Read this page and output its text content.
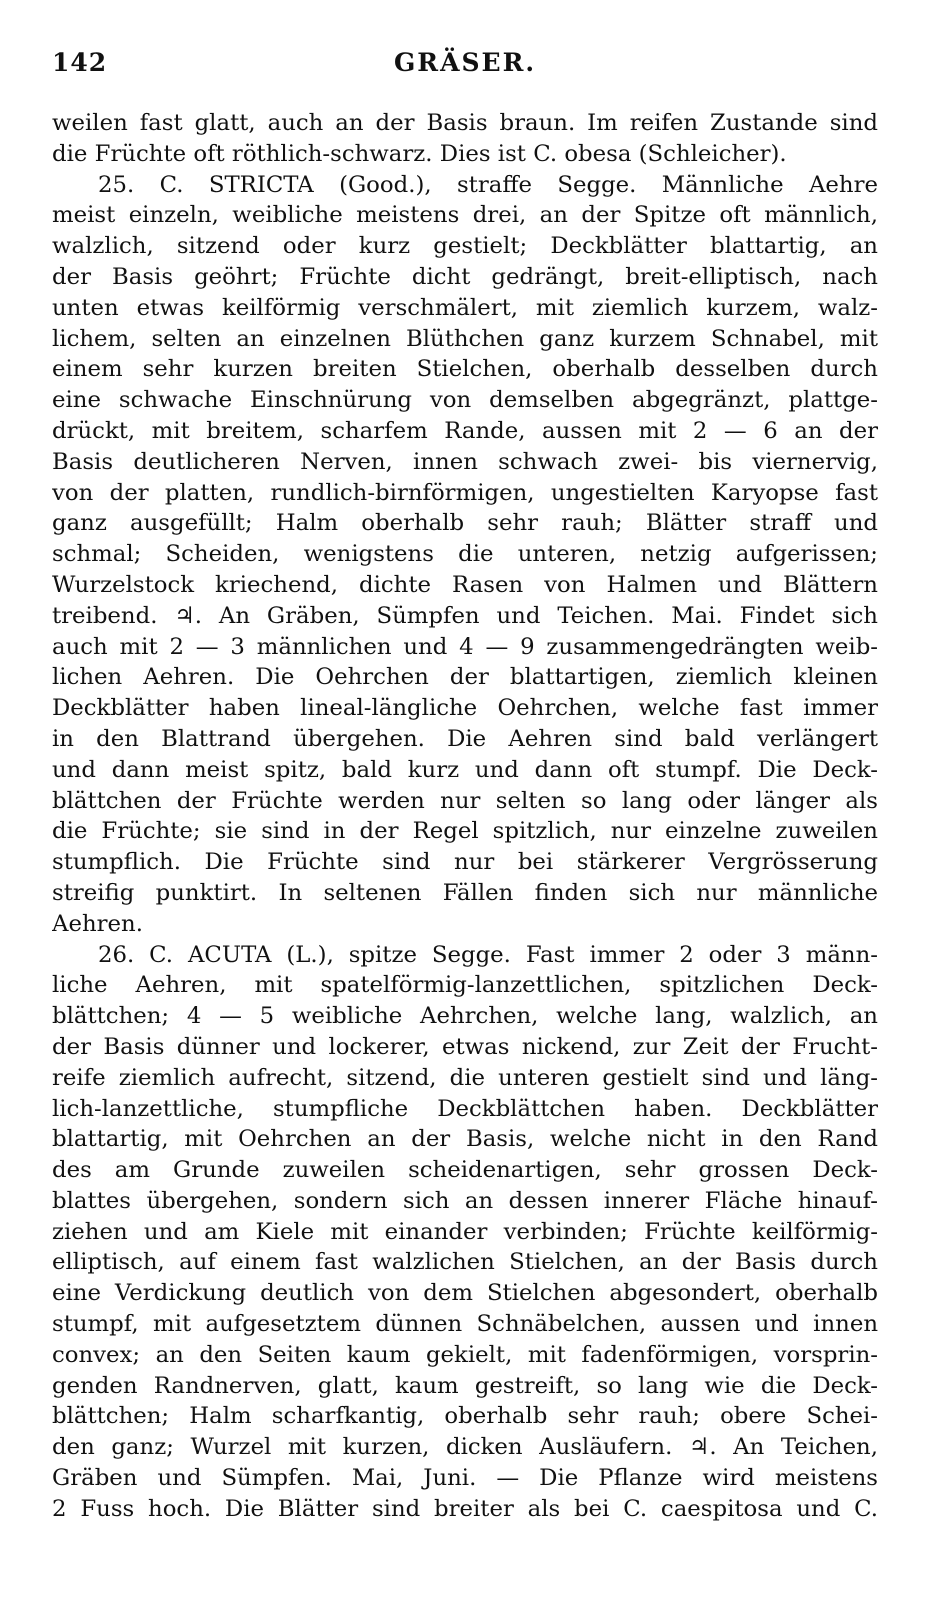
142	GRÄSER.
weilen fast glatt, auch an der Basis braun. Im reifen Zustande sind
die Früchte oft röthlich-schwarz. Dies ist C. obesa (Schleicher).
25. C. STRICTA (Good.), straffe Segge. Männliche Aehre
meist einzeln, weibliche meistens drei, an der Spitze oft männlich,
walzlich, sitzend oder kurz gestielt; Deckblätter blattartig, an
der Basis geöhrt; Früchte dicht gedrängt, breit-elliptisch, nach
unten etwas keilförmig verschmälert, mit ziemlich kurzem, walz-
lichem, selten an einzelnen Blüthchen ganz kurzem Schnabel, mit
einem sehr kurzen breiten Stielchen, oberhalb desselben durch
eine schwache Einschnürung von demselben abgegränzt, plattge-
drückt, mit breitem, scharfem Rande, aussen mit 2 — 6 an der
Basis deutlicheren Nerven, innen schwach zwei- bis viernervig,
von der platten, rundlich-birnförmigen, ungestielten Karyopse fast
ganz ausgefüllt; Halm oberhalb sehr rauh; Blätter straff und
schmal; Scheiden, wenigstens die unteren, netzig aufgerissen;
Wurzelstock kriechend, dichte Rasen von Halmen und Blättern
treibend. ♃. An Gräben, Sümpfen und Teichen. Mai. Findet sich
auch mit 2 — 3 männlichen und 4 — 9 zusammengedrängten weib-
lichen Aehren. Die Oehrchen der blattartigen, ziemlich kleinen
Deckblätter haben lineal-längliche Oehrchen, welche fast immer
in den Blattrand übergehen. Die Aehren sind bald verlängert
und dann meist spitz, bald kurz und dann oft stumpf. Die Deck-
blättchen der Früchte werden nur selten so lang oder länger als
die Früchte; sie sind in der Regel spitzlich, nur einzelne zuweilen
stumpflich. Die Früchte sind nur bei stärkerer Vergrösserung
streifig punktirt. In seltenen Fällen finden sich nur männliche
Aehren.
26. C. ACUTA (L.), spitze Segge. Fast immer 2 oder 3 männ-
liche Aehren, mit spatelförmig-lanzettlichen, spitzlichen Deck-
blättchen; 4 — 5 weibliche Aehrchen, welche lang, walzlich, an
der Basis dünner und lockerer, etwas nickend, zur Zeit der Frucht-
reife ziemlich aufrecht, sitzend, die unteren gestielt sind und läng-
lich-lanzettliche, stumpfliche Deckblättchen haben. Deckblätter
blattartig, mit Oehrchen an der Basis, welche nicht in den Rand
des am Grunde zuweilen scheidenartigen, sehr grossen Deck-
blattes übergehen, sondern sich an dessen innerer Fläche hinauf-
ziehen und am Kiele mit einander verbinden; Früchte keilförmig-
elliptisch, auf einem fast walzlichen Stielchen, an der Basis durch
eine Verdickung deutlich von dem Stielchen abgesondert, oberhalb
stumpf, mit aufgesetztem dünnen Schnäbelchen, aussen und innen
convex; an den Seiten kaum gekielt, mit fadenförmigen, vorsprin-
genden Randnerven, glatt, kaum gestreift, so lang wie die Deck-
blättchen; Halm scharfkantig, oberhalb sehr rauh; obere Schei-
den ganz; Wurzel mit kurzen, dicken Ausläufern. ♃. An Teichen,
Gräben und Sümpfen. Mai, Juni. — Die Pflanze wird meistens
2 Fuss hoch. Die Blätter sind breiter als bei C. caespitosa und C.
